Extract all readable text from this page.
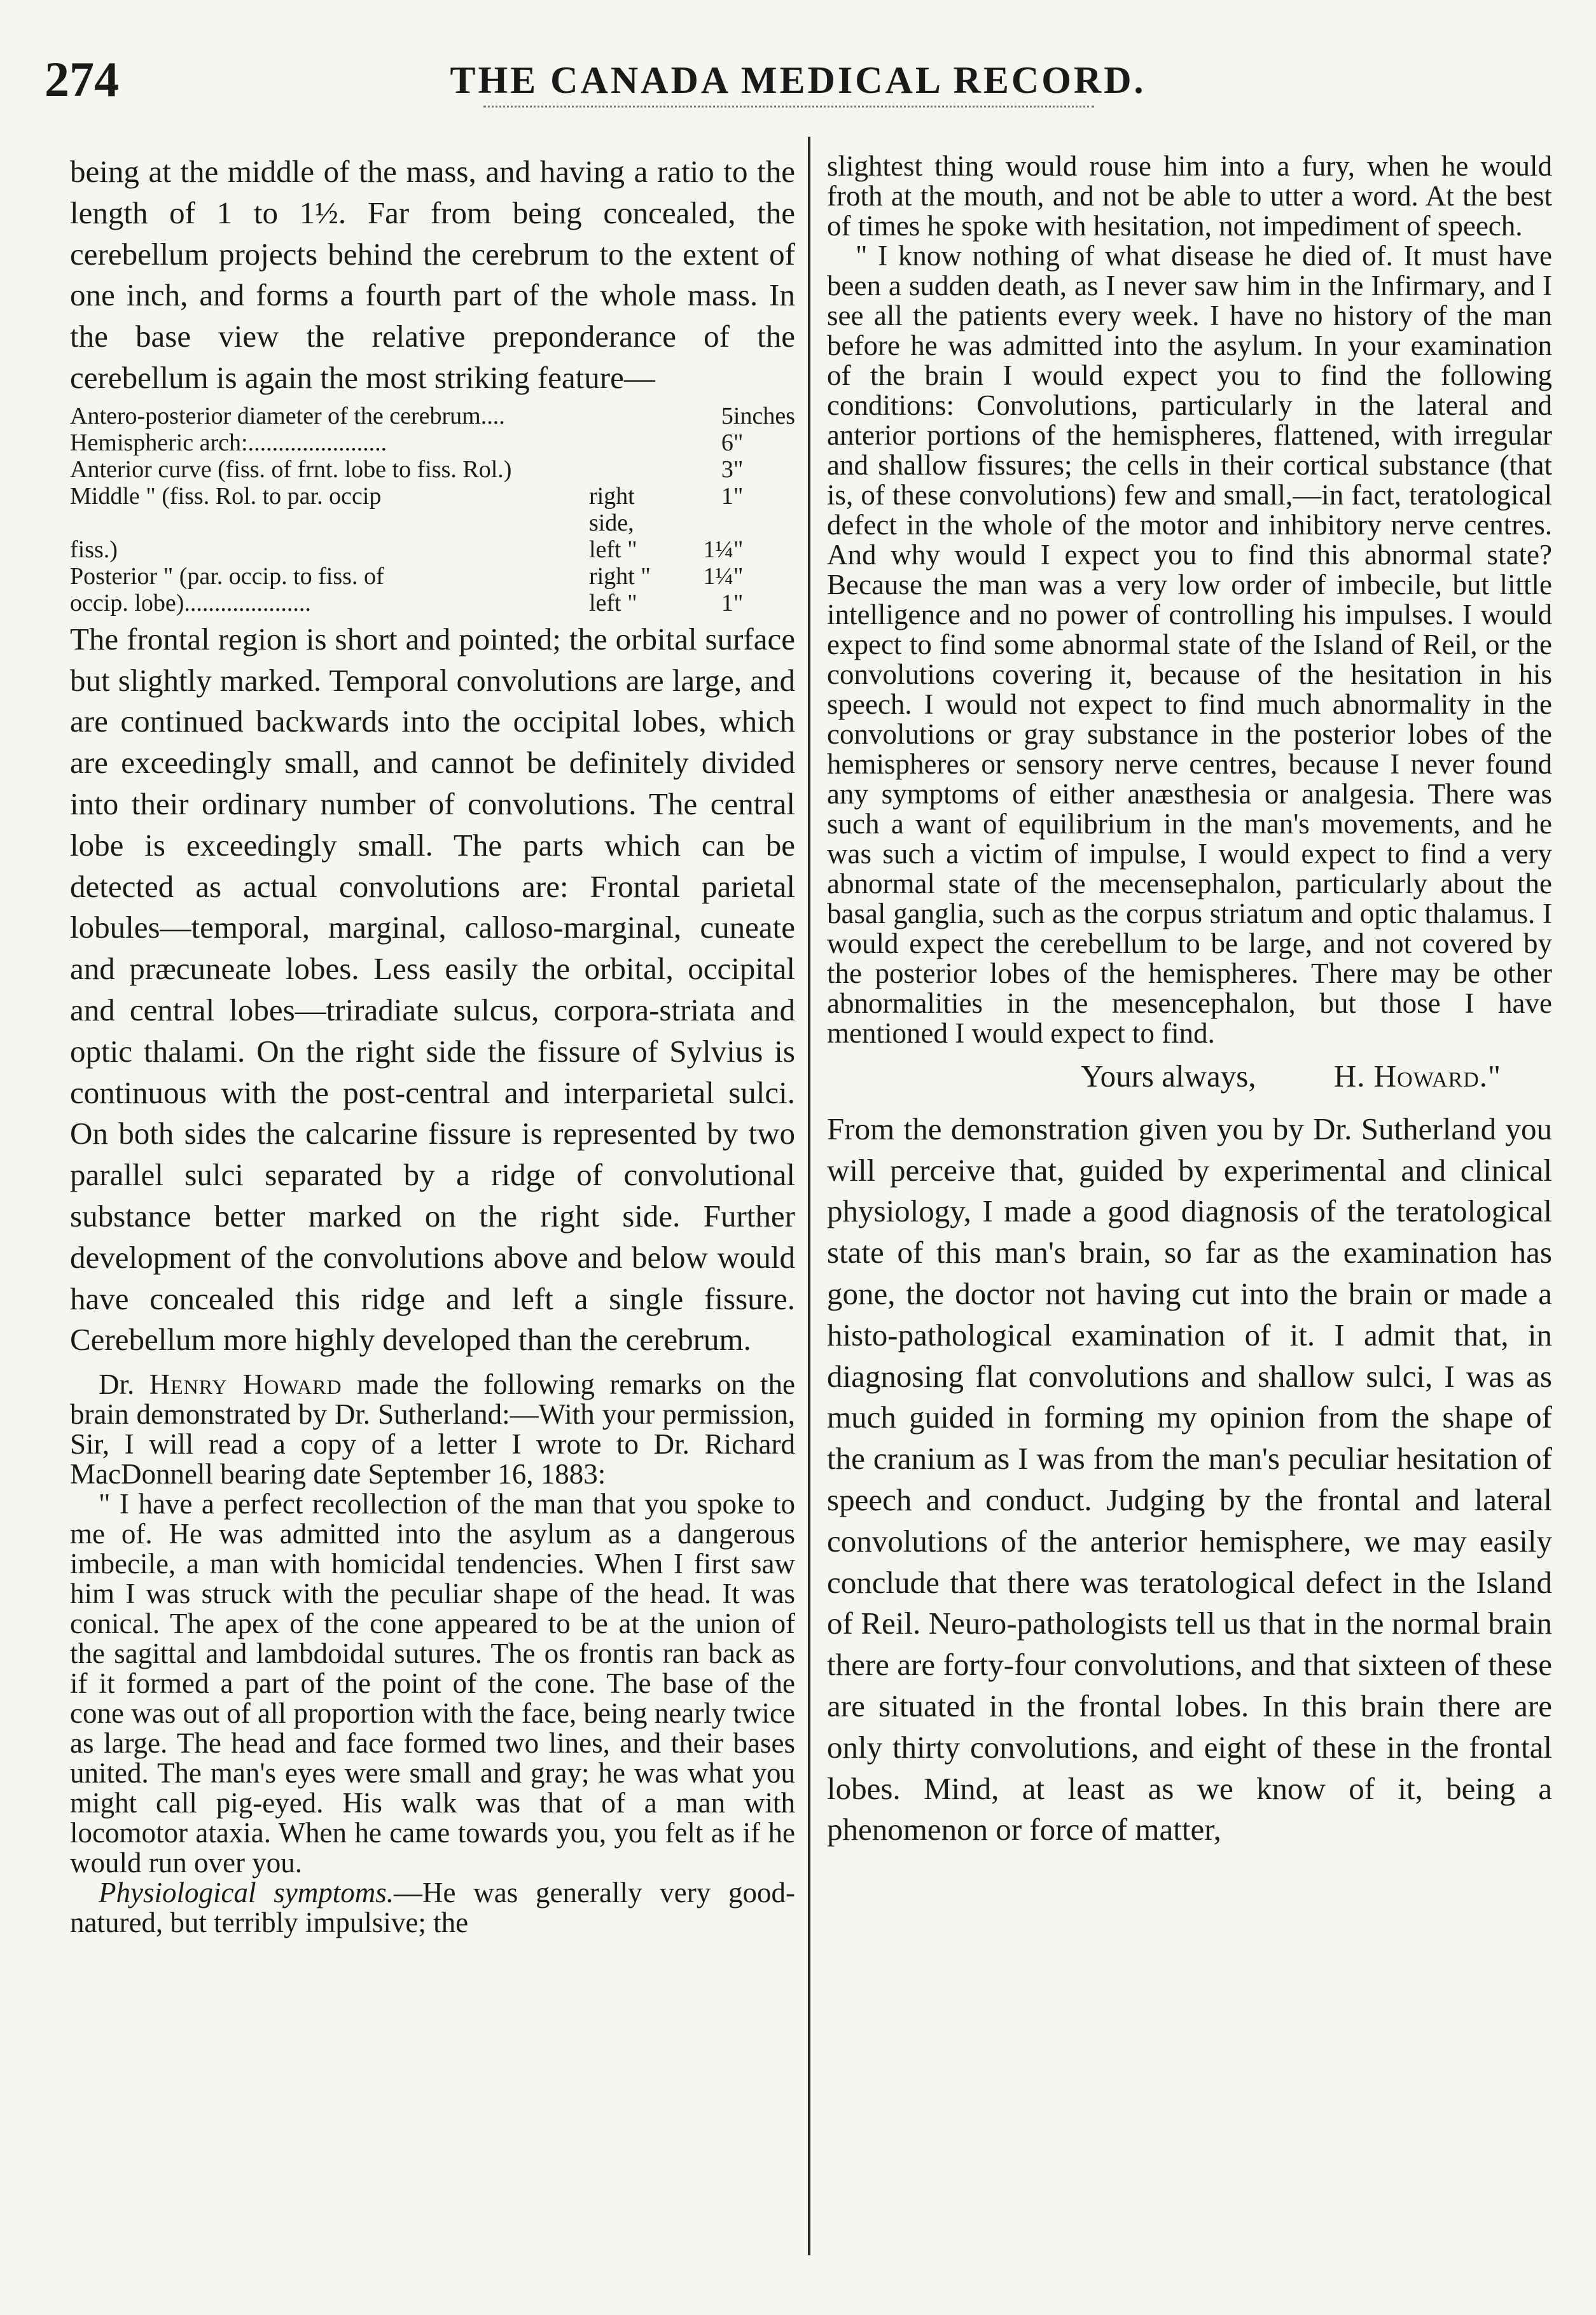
274	THE CANADA MEDICAL RECORD.

being at the middle of the mass, and having a ratio to the length of 1 to 1½. Far from being concealed, the cerebellum projects behind the cerebrum to the extent of one inch, and forms a fourth part of the whole mass. In the base view the relative preponderance of the cerebellum is again the most striking feature—

Antero-posterior diameter of the cerebrum....		5	inches
Hemispheric arch:.......................		6	"
Anterior curve (fiss. of frnt. lobe to fiss. Rol.)		3	"
Middle " (fiss. Rol. to par. occip	right side,	1	"
fiss.)	left "	1¼	"
Posterior " (par. occip. to fiss. of	right "	1¼	"
occip. lobe).....................	left "	1	"

The frontal region is short and pointed; the orbital surface but slightly marked. Temporal convolutions are large, and are continued backwards into the occipital lobes, which are exceedingly small, and cannot be definitely divided into their ordinary number of convolutions. The central lobe is exceedingly small. The parts which can be detected as actual convolutions are: Frontal parietal lobules—temporal, marginal, calloso-marginal, cuneate and præcuneate lobes. Less easily the orbital, occipital and central lobes—triradiate sulcus, corpora-striata and optic thalami. On the right side the fissure of Sylvius is continuous with the post-central and interparietal sulci. On both sides the calcarine fissure is represented by two parallel sulci separated by a ridge of convolutional substance better marked on the right side. Further development of the convolutions above and below would have concealed this ridge and left a single fissure. Cerebellum more highly developed than the cerebrum.

Dr. Henry Howard made the following remarks on the brain demonstrated by Dr. Sutherland:—With your permission, Sir, I will read a copy of a letter I wrote to Dr. Richard MacDonnell bearing date September 16, 1883:

" I have a perfect recollection of the man that you spoke to me of. He was admitted into the asylum as a dangerous imbecile, a man with homicidal tendencies. When I first saw him I was struck with the peculiar shape of the head. It was conical. The apex of the cone appeared to be at the union of the sagittal and lambdoidal sutures. The os frontis ran back as if it formed a part of the point of the cone. The base of the cone was out of all proportion with the face, being nearly twice as large. The head and face formed two lines, and their bases united. The man's eyes were small and gray; he was what you might call pig-eyed. His walk was that of a man with locomotor ataxia. When he came towards you, you felt as if he would run over you.

Physiological symptoms.—He was generally very good-natured, but terribly impulsive; the

slightest thing would rouse him into a fury, when he would froth at the mouth, and not be able to utter a word. At the best of times he spoke with hesitation, not impediment of speech.

" I know nothing of what disease he died of. It must have been a sudden death, as I never saw him in the Infirmary, and I see all the patients every week. I have no history of the man before he was admitted into the asylum. In your examination of the brain I would expect you to find the following conditions: Convolutions, particularly in the lateral and anterior portions of the hemispheres, flattened, with irregular and shallow fissures; the cells in their cortical substance (that is, of these convolutions) few and small,—in fact, teratological defect in the whole of the motor and inhibitory nerve centres. And why would I expect you to find this abnormal state? Because the man was a very low order of imbecile, but little intelligence and no power of controlling his impulses. I would expect to find some abnormal state of the Island of Reil, or the convolutions covering it, because of the hesitation in his speech. I would not expect to find much abnormality in the convolutions or gray substance in the posterior lobes of the hemispheres or sensory nerve centres, because I never found any symptoms of either anæsthesia or analgesia. There was such a want of equilibrium in the man's movements, and he was such a victim of impulse, I would expect to find a very abnormal state of the mecensephalon, particularly about the basal ganglia, such as the corpus striatum and optic thalamus. I would expect the cerebellum to be large, and not covered by the posterior lobes of the hemispheres. There may be other abnormalities in the mesencephalon, but those I have mentioned I would expect to find.

Yours always, H. Howard."

From the demonstration given you by Dr. Sutherland you will perceive that, guided by experimental and clinical physiology, I made a good diagnosis of the teratological state of this man's brain, so far as the examination has gone, the doctor not having cut into the brain or made a histo-pathological examination of it. I admit that, in diagnosing flat convolutions and shallow sulci, I was as much guided in forming my opinion from the shape of the cranium as I was from the man's peculiar hesitation of speech and conduct. Judging by the frontal and lateral convolutions of the anterior hemisphere, we may easily conclude that there was teratological defect in the Island of Reil. Neuro-pathologists tell us that in the normal brain there are forty-four convolutions, and that sixteen of these are situated in the frontal lobes. In this brain there are only thirty convolutions, and eight of these in the frontal lobes. Mind, at least as we know of it, being a phenomenon or force of matter,
